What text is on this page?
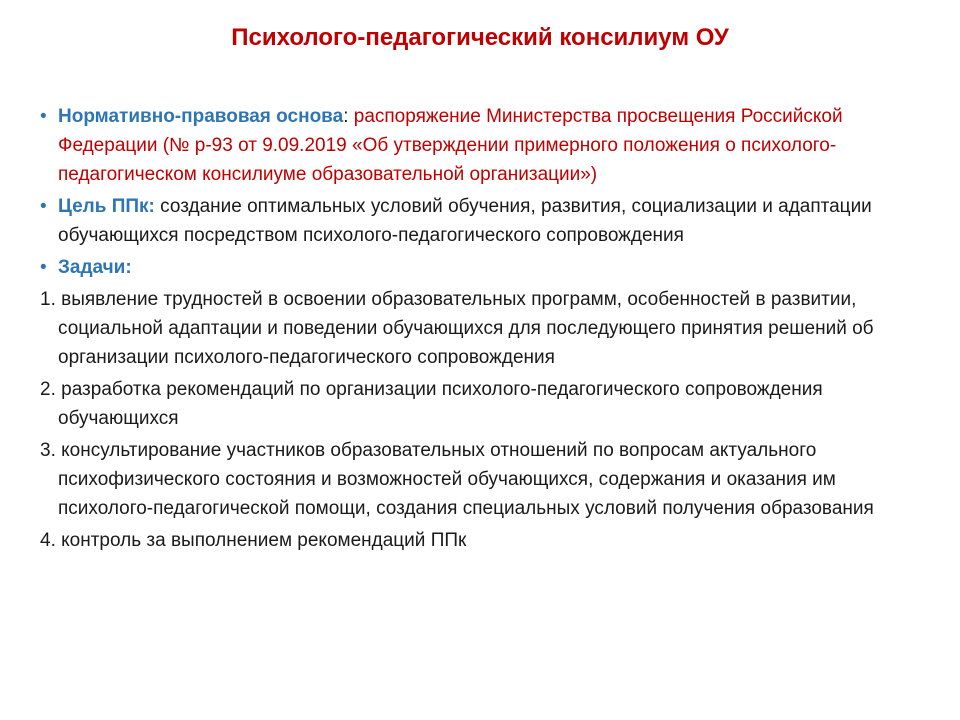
Психолого-педагогический консилиум ОУ
• Нормативно-правовая основа: распоряжение Министерства просвещения Российской Федерации (№ р-93 от 9.09.2019 «Об утверждении примерного положения о психолого-педагогическом консилиуме образовательной организации»)
• Цель ППк: создание оптимальных условий обучения, развития, социализации и адаптации обучающихся посредством психолого-педагогического сопровождения
• Задачи:
1. выявление трудностей в освоении образовательных программ, особенностей в развитии, социальной адаптации и поведении обучающихся для последующего принятия решений об организации психолого-педагогического сопровождения
2. разработка рекомендаций по организации психолого-педагогического сопровождения обучающихся
3. консультирование участников образовательных отношений по вопросам актуального психофизического состояния и возможностей обучающихся, содержания и оказания им психолого-педагогической помощи, создания специальных условий получения образования
4. контроль за выполнением рекомендаций ППк
